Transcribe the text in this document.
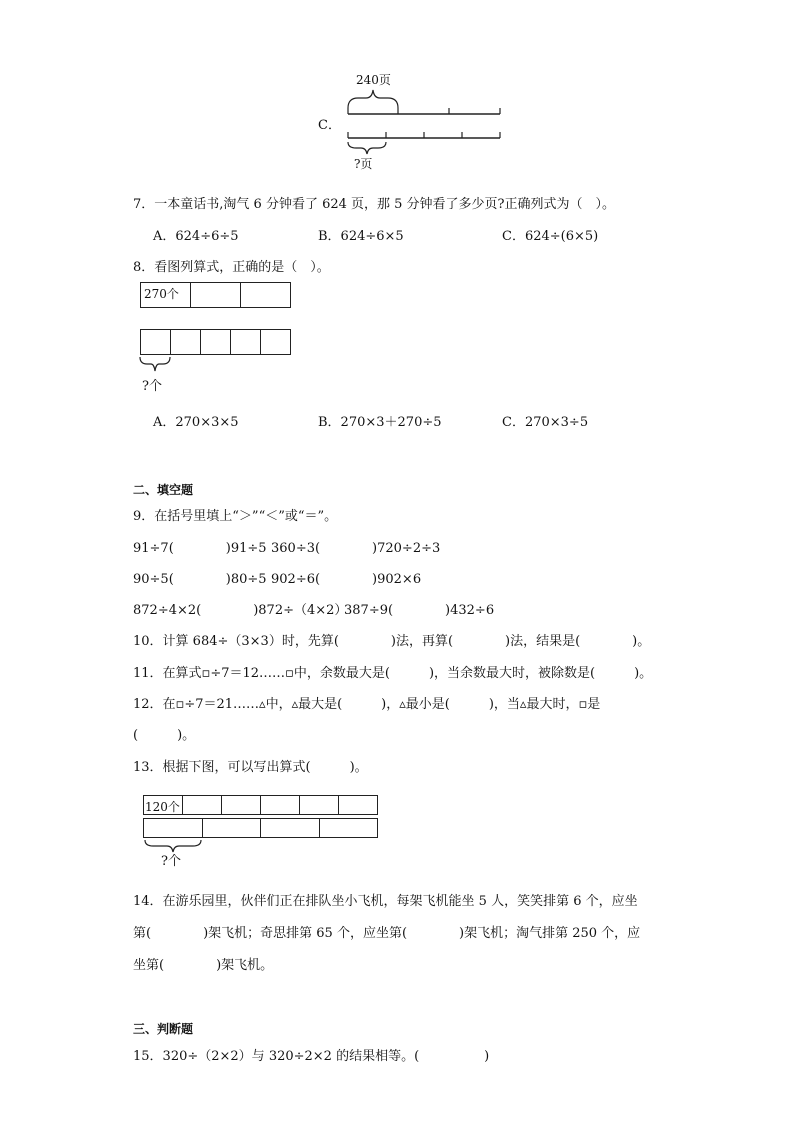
C．
240页
?页
7．一本童话书,淘气 6 分钟看了 624 页，那 5 分钟看了多少页?正确列式为（　）。
A．624÷6÷5	B．624÷6×5	C．624÷(6×5)
8．看图列算式，正确的是（　）。
270个
?个
A．270×3×5	B．270×3＋270÷5	C．270×3÷5
二、填空题
9．在括号里填上“＞”“＜”或“＝”。
91÷7(　　　　)91÷5 360÷3(　　　　)720÷2÷3
90÷5(　　　　)80÷5 902÷6(　　　　)902×6
872÷4×2(　　　　)872÷（4×2）
387÷9(　　　　)432÷6
10．计算 684÷（3×3）时，先算(　　　　)法，再算(　　　　)法，结果是(　　　　)。
11．在算式▫÷7＝12……▫中，余数最大是(　　　)，当余数最大时，被除数是(　　　)。
12．在▫÷7＝21……▵中，▵最大是(　　　)，▵最小是(　　　)，当▵最大时，▫是
(　　　)。
13．根据下图，可以写出算式(　　　)。
120个
?个
14．在游乐园里，伙伴们正在排队坐小飞机，每架飞机能坐 5 人，笑笑排第 6 个，应坐
第(　　　　)架飞机；奇思排第 65 个，应坐第(　　　　)架飞机；淘气排第 250 个，应
坐第(　　　　)架飞机。
三、判断题
15．320÷（2×2）与 320÷2×2 的结果相等。(　　　　　)
